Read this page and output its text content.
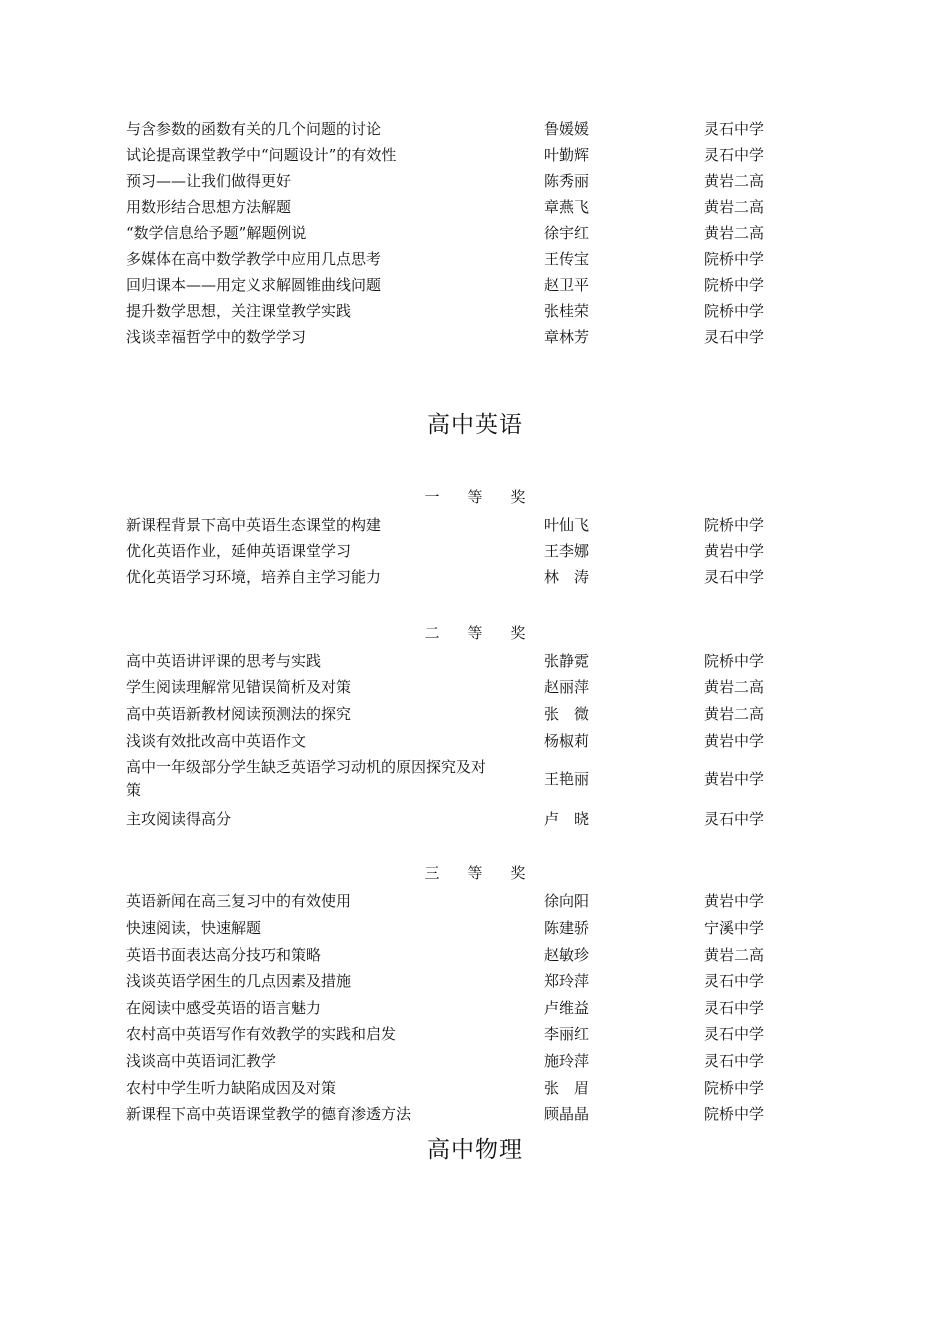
与含参数的函数有关的几个问题的讨论	鲁媛媛	灵石中学
试论提高课堂教学中“问题设计”的有效性	叶勤辉	灵石中学
预习——让我们做得更好	陈秀丽	黄岩二高
用数形结合思想方法解题	章燕飞	黄岩二高
“数学信息给予题”解题例说	徐宇红	黄岩二高
多媒体在高中数学教学中应用几点思考	王传宝	院桥中学
回归课本——用定义求解圆锥曲线问题	赵卫平	院桥中学
提升数学思想，关注课堂教学实践	张桂荣	院桥中学
浅谈幸福哲学中的数学学习	章林芳	灵石中学
高中英语
一 等 奖
新课程背景下高中英语生态课堂的构建	叶仙飞	院桥中学
优化英语作业，延伸英语课堂学习	王李娜	黄岩中学
优化英语学习环境，培养自主学习能力	林　涛	灵石中学
二 等 奖
高中英语讲评课的思考与实践	张静霓	院桥中学
学生阅读理解常见错误简析及对策	赵丽萍	黄岩二高
高中英语新教材阅读预测法的探究	张　微	黄岩二高
浅谈有效批改高中英语作文	杨椒莉	黄岩中学
高中一年级部分学生缺乏英语学习动机的原因探究及对策
王艳丽	黄岩中学
主攻阅读得高分	卢　晓	灵石中学
三 等 奖
英语新闻在高三复习中的有效使用	徐向阳	黄岩中学
快速阅读，快速解题	陈建骄	宁溪中学
英语书面表达高分技巧和策略	赵敏珍	黄岩二高
浅谈英语学困生的几点因素及措施	郑玲萍	灵石中学
在阅读中感受英语的语言魅力	卢维益	灵石中学
农村高中英语写作有效教学的实践和启发	李丽红	灵石中学
浅谈高中英语词汇教学	施玲萍	灵石中学
农村中学生听力缺陷成因及对策	张　眉	院桥中学
新课程下高中英语课堂教学的德育渗透方法	顾晶晶	院桥中学
高中物理
